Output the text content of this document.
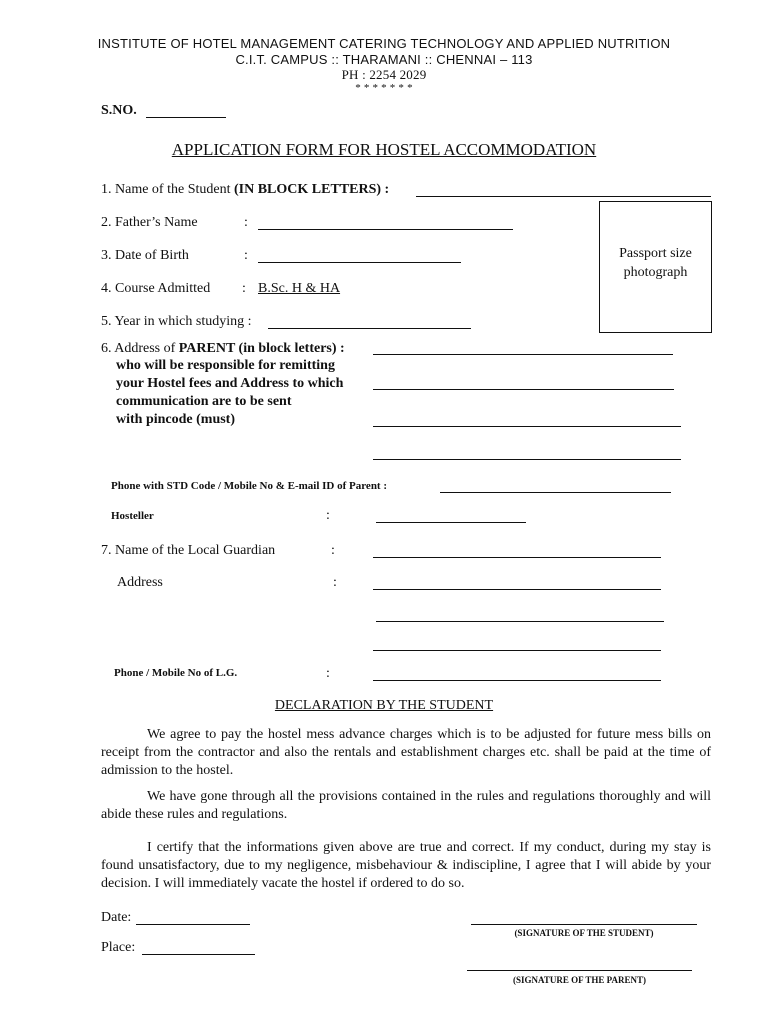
INSTITUTE OF HOTEL MANAGEMENT CATERING TECHNOLOGY AND APPLIED NUTRITION
C.I.T. CAMPUS :: THARAMANI :: CHENNAI – 113
PH : 2254 2029
* * * * * * *
S.NO.
APPLICATION FORM FOR HOSTEL ACCOMMODATION
1. Name of the Student (IN BLOCK LETTERS) :
Passport size
photograph
2. Father’s Name	:
3. Date of Birth	:
4. Course Admitted : B.Sc. H & HA
5. Year in which studying :
6. Address of PARENT (in block letters) :
who will be responsible for remitting
your Hostel fees and Address to which
communication are to be sent
with pincode (must)
Phone with STD Code / Mobile No & E-mail ID of Parent :
Hosteller	:
7. Name of the Local Guardian	:
Address	:
Phone / Mobile No of L.G.	:
DECLARATION BY THE STUDENT
We agree to pay the hostel mess advance charges which is to be adjusted for future mess bills on receipt from the contractor and also the rentals and establishment charges etc. shall be paid at the time of admission to the hostel.
We have gone through all the provisions contained in the rules and regulations thoroughly and will abide these rules and regulations.
I certify that the informations given above are true and correct. If my conduct, during my stay is found unsatisfactory, due to my negligence, misbehaviour & indiscipline, I agree that I will abide by your decision. I will immediately vacate the hostel if ordered to do so.
Date:
Place:
(SIGNATURE OF THE STUDENT)
(SIGNATURE OF THE PARENT)
